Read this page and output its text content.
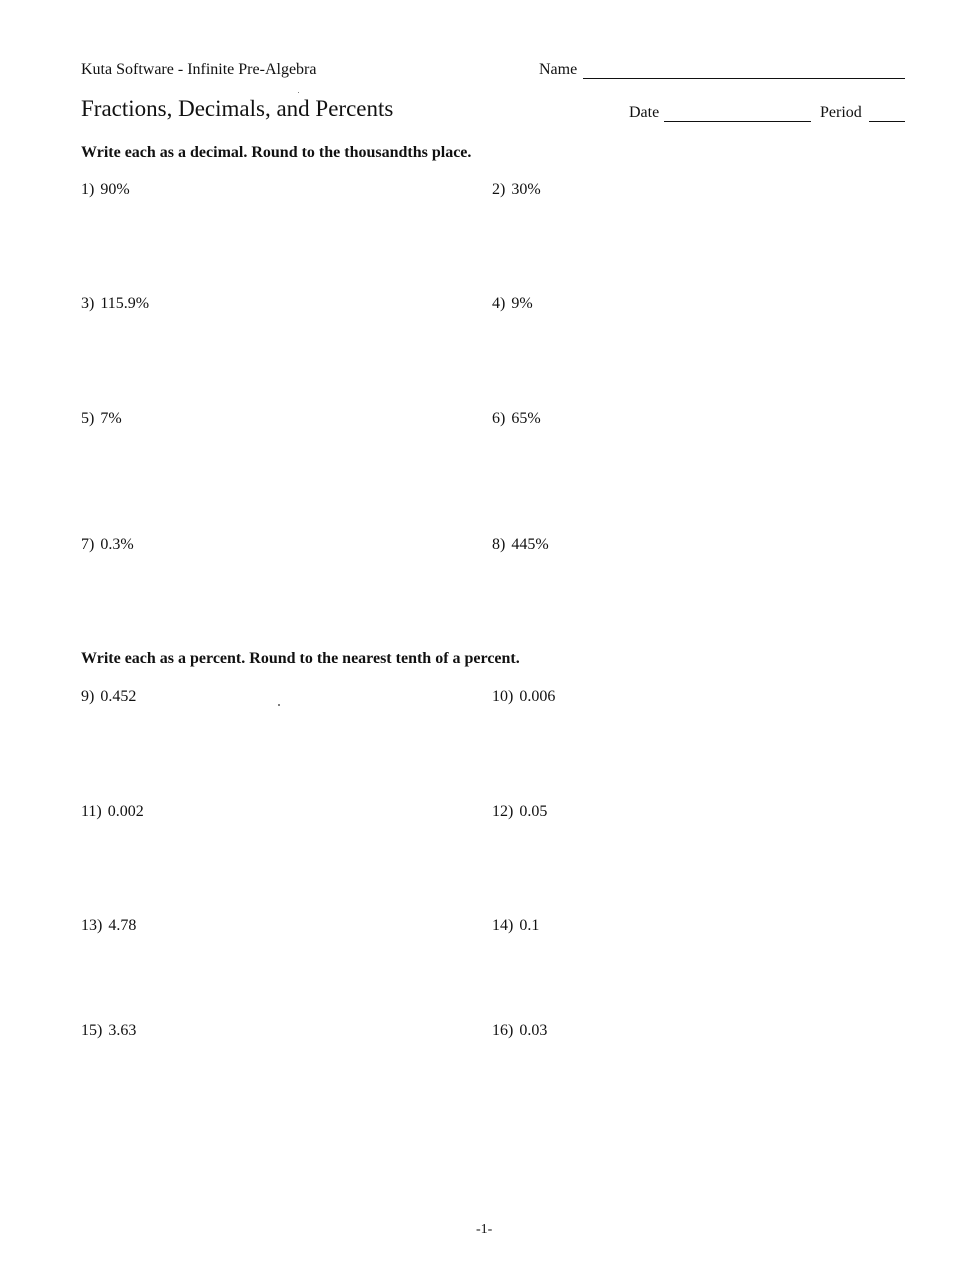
Kuta Software - Infinite Pre-Algebra
Fractions, Decimals, and Percents
Name
Date	Period
Write each as a decimal. Round to the thousandths place.
1) 90%	2) 30%
3) 115.9%	4) 9%
5) 7%	6) 65%
7) 0.3%	8) 445%
Write each as a percent. Round to the nearest tenth of a percent.
9) 0.452	10) 0.006
11) 0.002	12) 0.05
13) 4.78	14) 0.1
15) 3.63	16) 0.03
-1-
